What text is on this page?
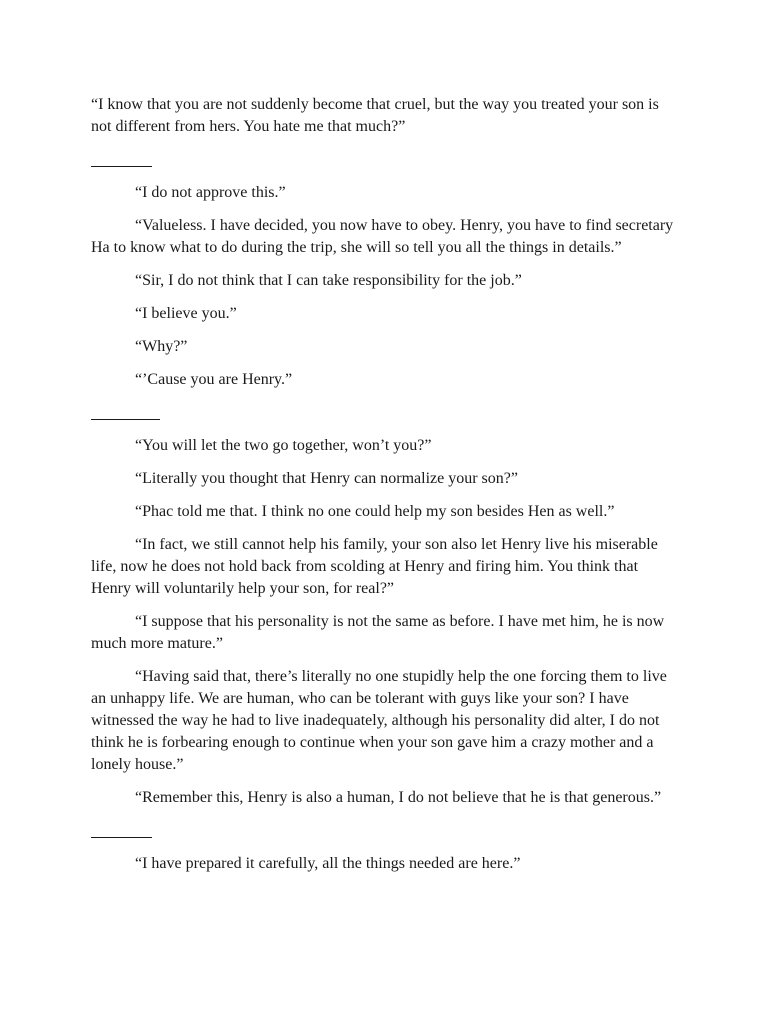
“I know that you are not suddenly become that cruel, but the way you treated your son is not different from hers. You hate me that much?”

“I do not approve this.”

“Valueless. I have decided, you now have to obey. Henry, you have to find secretary Ha to know what to do during the trip, she will so tell you all the things in details.”

“Sir, I do not think that I can take responsibility for the job.”

“I believe you.”

“Why?”

“’Cause you are Henry.”

“You will let the two go together, won’t you?”

“Literally you thought that Henry can normalize your son?”

“Phac told me that. I think no one could help my son besides Hen as well.”

“In fact, we still cannot help his family, your son also let Henry live his miserable life, now he does not hold back from scolding at Henry and firing him. You think that Henry will voluntarily help your son, for real?”

“I suppose that his personality is not the same as before. I have met him, he is now much more mature.”

“Having said that, there’s literally no one stupidly help the one forcing them to live an unhappy life. We are human, who can be tolerant with guys like your son? I have witnessed the way he had to live inadequately, although his personality did alter, I do not think he is forbearing enough to continue when your son gave him a crazy mother and a lonely house.”

“Remember this, Henry is also a human, I do not believe that he is that generous.”

“I have prepared it carefully, all the things needed are here.”
